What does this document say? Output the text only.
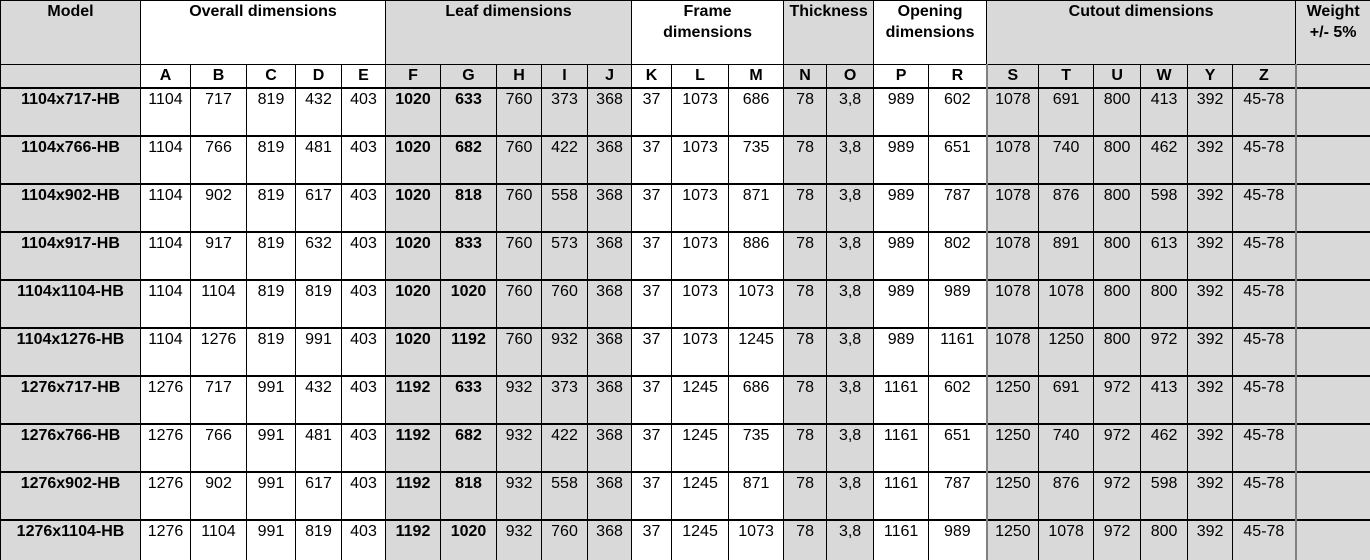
Model	Overall dimensions					Leaf dimensions					Frame dimensions			Thickness		Opening dimensions		Cutout dimensions						Weight +/- 5%
	A	B	C	D	E	F	G	H	I	J	K	L	M	N	O	P	R	S	T	U	W	Y	Z	
1104x717-HB	1104	717	819	432	403	1020	633	760	373	368	37	1073	686	78	3,8	989	602	1078	691	800	413	392	45-78	
1104x766-HB	1104	766	819	481	403	1020	682	760	422	368	37	1073	735	78	3,8	989	651	1078	740	800	462	392	45-78	
1104x902-HB	1104	902	819	617	403	1020	818	760	558	368	37	1073	871	78	3,8	989	787	1078	876	800	598	392	45-78	
1104x917-HB	1104	917	819	632	403	1020	833	760	573	368	37	1073	886	78	3,8	989	802	1078	891	800	613	392	45-78	
1104x1104-HB	1104	1104	819	819	403	1020	1020	760	760	368	37	1073	1073	78	3,8	989	989	1078	1078	800	800	392	45-78	
1104x1276-HB	1104	1276	819	991	403	1020	1192	760	932	368	37	1073	1245	78	3,8	989	1161	1078	1250	800	972	392	45-78	
1276x717-HB	1276	717	991	432	403	1192	633	932	373	368	37	1245	686	78	3,8	1161	602	1250	691	972	413	392	45-78	
1276x766-HB	1276	766	991	481	403	1192	682	932	422	368	37	1245	735	78	3,8	1161	651	1250	740	972	462	392	45-78	
1276x902-HB	1276	902	991	617	403	1192	818	932	558	368	37	1245	871	78	3,8	1161	787	1250	876	972	598	392	45-78	
1276x1104-HB	1276	1104	991	819	403	1192	1020	932	760	368	37	1245	1073	78	3,8	1161	989	1250	1078	972	800	392	45-78	
